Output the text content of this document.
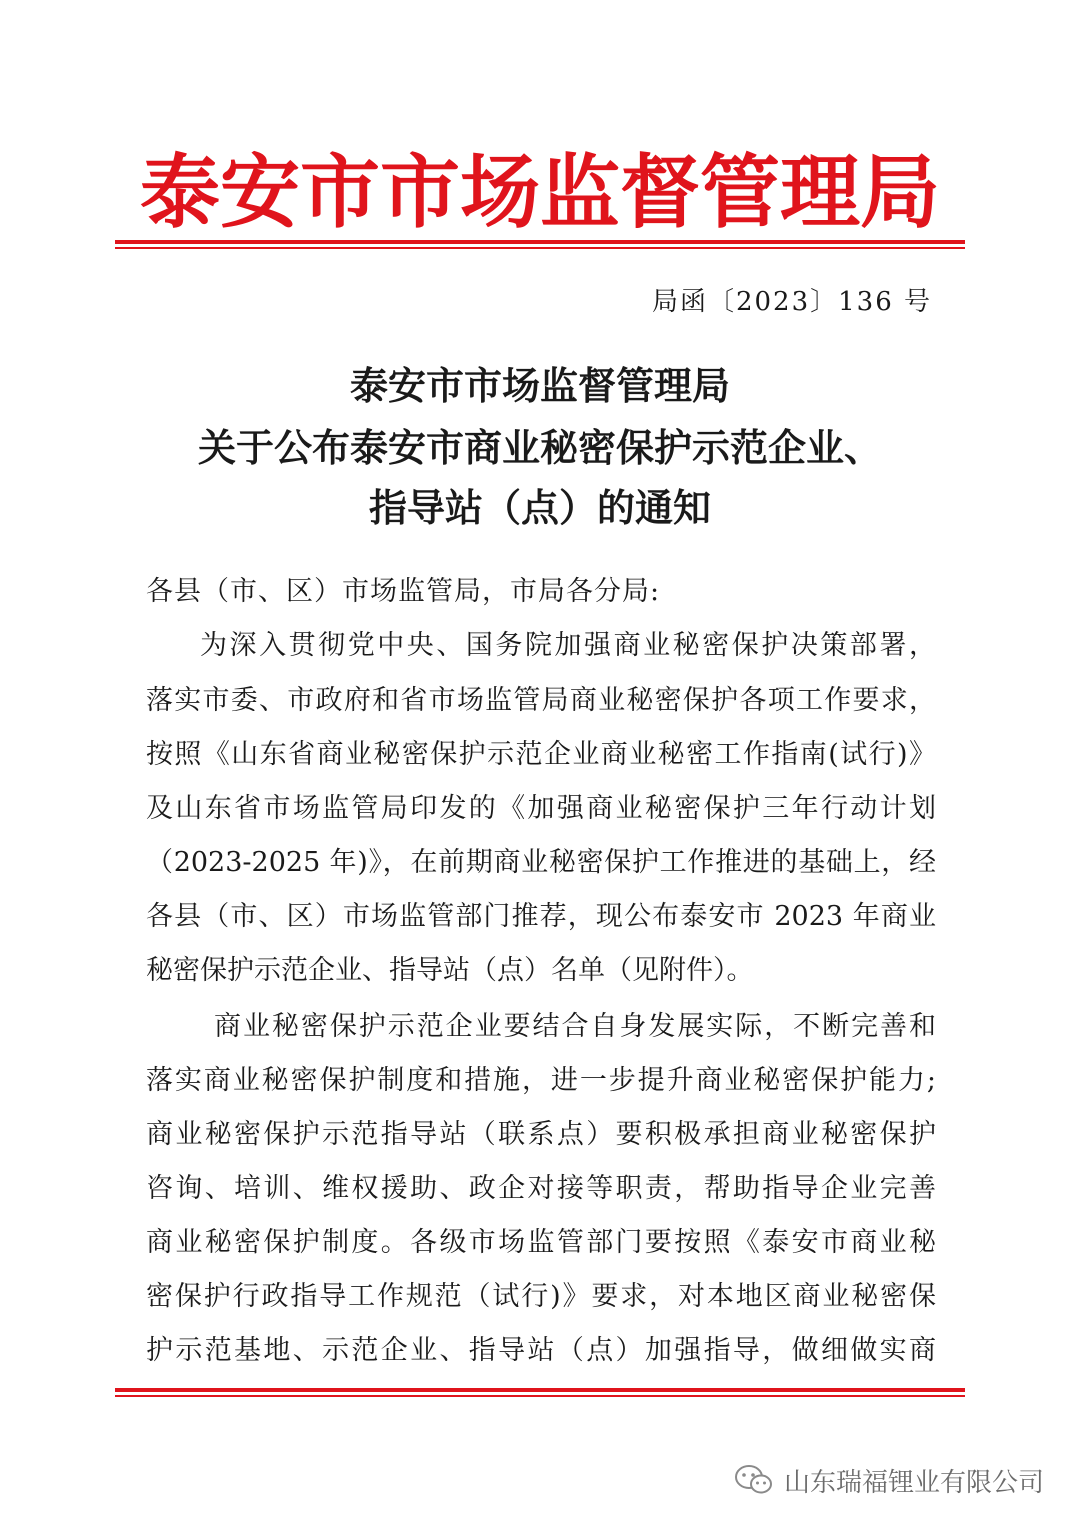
泰 安 市 市 场 监 督 管 理 局
局函〔2023〕136 号
泰安市市场监督管理局
关于公布泰安市商业秘密保护示范企业、
指导站（点）的通知
各县（市、区）市场监管局，市局各分局:
为深入贯彻党中央、国务院加强商业秘密保护决策部署，
落实市委、市政府和省市场监管局商业秘密保护各项工作要求，
按照《山东省商业秘密保护示范企业商业秘密工作指南(试行)》
及山东省市场监管局印发的《加强商业秘密保护三年行动计划
（2023-2025 年)》，在前期商业秘密保护工作推进的基础上，经
各县（市、区）市场监管部门推荐，现公布泰安市 2023 年商业
秘密保护示范企业、指导站（点）名单（见附件）。
商业秘密保护示范企业要结合自身发展实际，不断完善和
落实商业秘密保护制度和措施，进一步提升商业秘密保护能力;
商业秘密保护示范指导站（联系点）要积极承担商业秘密保护
咨询、培训、维权援助、政企对接等职责，帮助指导企业完善
商业秘密保护制度。各级市场监管部门要按照《泰安市商业秘
密保护行政指导工作规范（试行)》要求，对本地区商业秘密保
护示范基地、示范企业、指导站（点）加强指导，做细做实商
山东瑞福锂业有限公司
